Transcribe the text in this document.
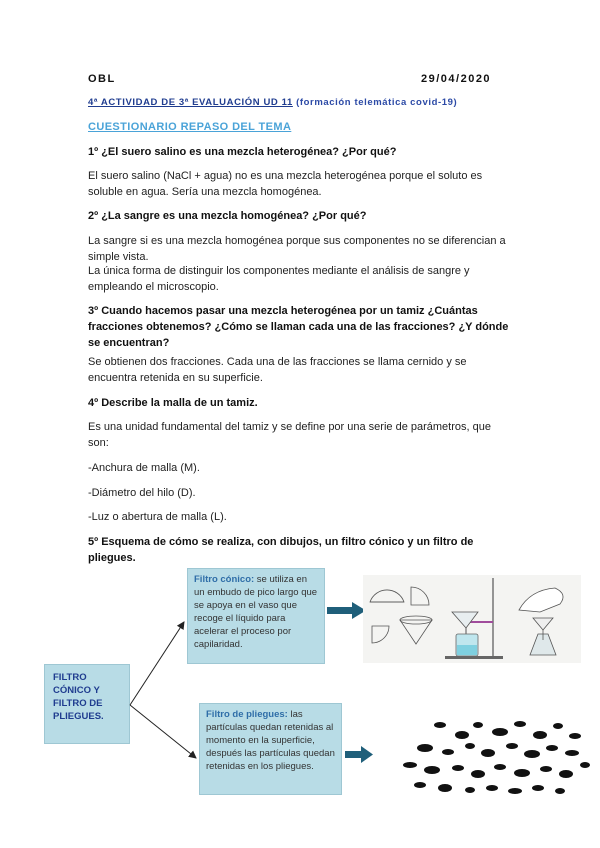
OBL	29/04/2020
4ª ACTIVIDAD DE 3ª EVALUACIÓN UD 11 (formación telemática covid-19)
CUESTIONARIO REPASO DEL TEMA
1º ¿El suero salino es una mezcla heterogénea? ¿Por qué?
El suero salino (NaCl + agua) no es una mezcla heterogénea porque el soluto es soluble en agua. Sería una mezcla homogénea.
2º ¿La sangre es una mezcla homogénea? ¿Por qué?
La sangre si es una mezcla homogénea porque sus componentes no se diferencian a simple vista.
La única forma de distinguir los componentes mediante el análisis de sangre y empleando el microscopio.
3º Cuando hacemos pasar una mezcla heterogénea por un tamiz ¿Cuántas fracciones obtenemos? ¿Cómo se llaman cada una de las fracciones? ¿Y dónde se encuentran?
Se obtienen dos fracciones. Cada una de las fracciones se llama cernido y se encuentra retenida en su superficie.
4º Describe la malla de un tamiz.
Es una unidad fundamental del tamiz y se define por una serie de parámetros, que son:
-Anchura de malla (M).
-Diámetro del hilo (D).
-Luz o abertura de malla (L).
5º Esquema de cómo se realiza, con dibujos, un filtro cónico y un filtro de pliegues.
Filtro cónico: se utiliza en un embudo de pico largo que se apoya en el vaso que recoge el líquido para acelerar el proceso por capilaridad.
FILTRO CÓNICO Y FILTRO DE PLIEGUES.	Filtro de pliegues: las partículas quedan retenidas al momento en la superficie, después las partículas quedan retenidas en los pliegues.
